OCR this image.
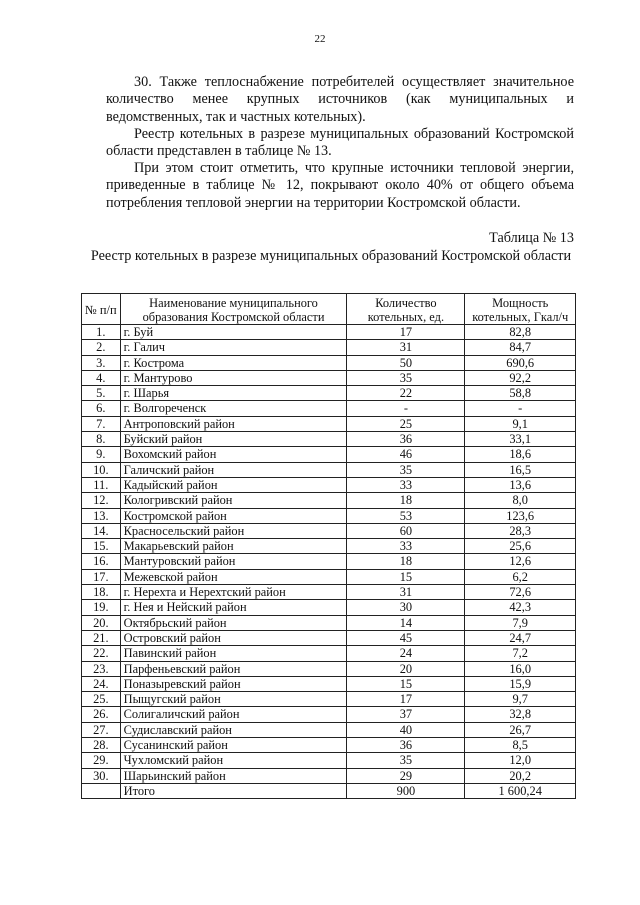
22

30. Также теплоснабжение потребителей осуществляет значительное количество менее крупных источников (как муниципальных и ведомственных, так и частных котельных).

Реестр котельных в разрезе муниципальных образований Костромской области представлен в таблице № 13.

При этом стоит отметить, что крупные источники тепловой энергии, приведенные в таблице № 12, покрывают около 40% от общего объема потребления тепловой энергии на территории Костромской области.

Таблица № 13

Реестр котельных в разрезе муниципальных образований Костромской области

№ п/п	Наименование муниципального образования Костромской области	Количество котельных, ед.	Мощность котельных, Гкал/ч
1.	г. Буй	17	82,8
2.	г. Галич	31	84,7
3.	г. Кострома	50	690,6
4.	г. Мантурово	35	92,2
5.	г. Шарья	22	58,8
6.	г. Волгореченск	-	-
7.	Антроповский район	25	9,1
8.	Буйский район	36	33,1
9.	Вохомский район	46	18,6
10.	Галичский район	35	16,5
11.	Кадыйский район	33	13,6
12.	Кологривский район	18	8,0
13.	Костромской район	53	123,6
14.	Красносельский район	60	28,3
15.	Макарьевский район	33	25,6
16.	Мантуровский район	18	12,6
17.	Межевской район	15	6,2
18.	г. Нерехта и Нерехтский район	31	72,6
19.	г. Нея и Нейский район	30	42,3
20.	Октябрьский район	14	7,9
21.	Островский район	45	24,7
22.	Павинский район	24	7,2
23.	Парфеньевский район	20	16,0
24.	Поназыревский район	15	15,9
25.	Пыщугский район	17	9,7
26.	Солигаличский район	37	32,8
27.	Судиславский район	40	26,7
28.	Сусанинский район	36	8,5
29.	Чухломский район	35	12,0
30.	Шарьинский район	29	20,2
	Итого	900	1 600,24
